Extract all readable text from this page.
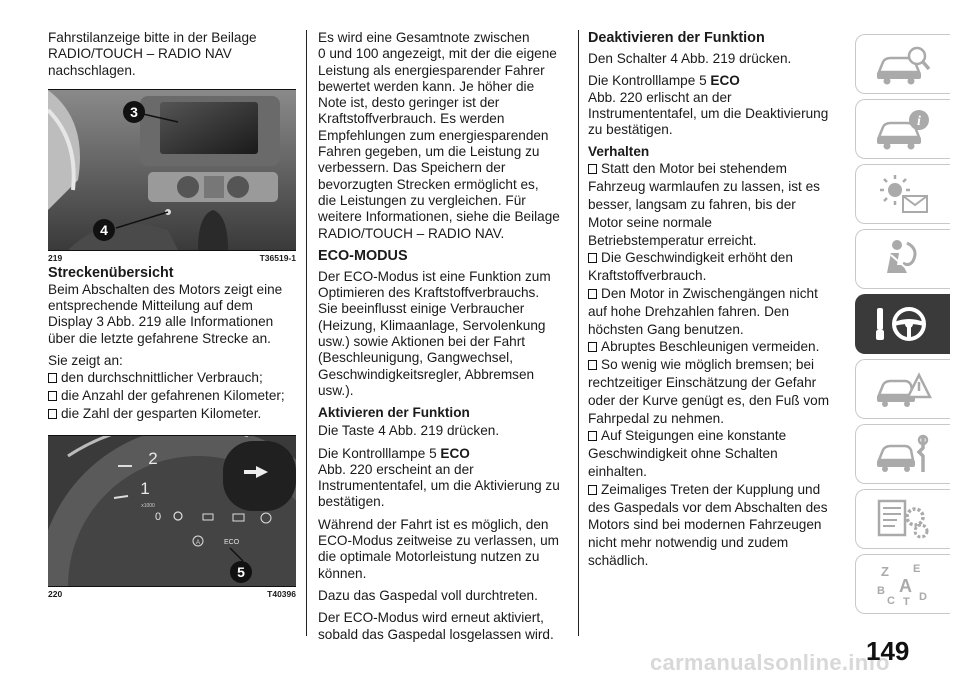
Fahrstilanzeige bitte in der Beilage
RADIO/TOUCH – RADIO NAV
nachschlagen.

3
4
219	T36519-1
Streckenübersicht

Beim Abschalten des Motors zeigt eine
entsprechende Mitteilung auf dem
Display 3 Abb. 219 alle Informationen
über die letzte gefahrene Strecke an.

Sie zeigt an:

den durchschnittlicher Verbrauch;
die Anzahl der gefahrenen Kilometer;
die Zahl der gesparten Kilometer.
2
1
0
x1000
A	ECO
5
220	T40396

Es wird eine Gesamtnote zwischen
0 und 100 angezeigt, mit der die eigene
Leistung als energiesparender Fahrer
bewertet werden kann. Je höher die
Note ist, desto geringer ist der
Kraftstoffverbrauch. Es werden
Empfehlungen zum energiesparenden
Fahren gegeben, um die Leistung zu
verbessern. Das Speichern der
bevorzugten Strecken ermöglicht es,
die Leistungen zu vergleichen. Für
weitere Informationen, siehe die Beilage
RADIO/TOUCH – RADIO NAV.

ECO-MODUS

Der ECO-Modus ist eine Funktion zum
Optimieren des Kraftstoffverbrauchs.
Sie beeinflusst einige Verbraucher
(Heizung, Klimaanlage, Servolenkung
usw.) sowie Aktionen bei der Fahrt
(Beschleunigung, Gangwechsel,
Geschwindigkeitsregler, Abbremsen
usw.).

Aktivieren der Funktion

Die Taste 4 Abb. 219 drücken.

Die Kontrolllampe 5 ECO
Abb. 220 erscheint an der
Instrumententafel, um die Aktivierung zu
bestätigen.

Während der Fahrt ist es möglich, den
ECO-Modus zeitweise zu verlassen, um
die optimale Motorleistung nutzen zu
können.

Dazu das Gaspedal voll durchtreten.

Der ECO-Modus wird erneut aktiviert,
sobald das Gaspedal losgelassen wird.

Deaktivieren der Funktion

Den Schalter 4 Abb. 219 drücken.

Die Kontrolllampe 5 ECO
Abb. 220 erlischt an der
Instrumententafel, um die Deaktivierung
zu bestätigen.

Verhalten
Statt den Motor bei stehendem
Fahrzeug warmlaufen zu lassen, ist es
besser, langsam zu fahren, bis der
Motor seine normale
Betriebstemperatur erreicht.
Die Geschwindigkeit erhöht den
Kraftstoffverbrauch.
Den Motor in Zwischengängen nicht
auf hohe Drehzahlen fahren. Den
höchsten Gang benutzen.
Abruptes Beschleunigen vermeiden.
So wenig wie möglich bremsen; bei
rechtzeitiger Einschätzung der Gefahr
oder der Kurve genügt es, den Fuß vom
Fahrpedal zu nehmen.
Auf Steigungen eine konstante
Geschwindigkeit ohne Schalten
einhalten.
Zeimaliges Treten der Kupplung und
des Gaspedals vor dem Abschalten des
Motors sind bei modernen Fahrzeugen
nicht mehr notwendig und zudem
schädlich.
i
Z E
B A
C T D
carmanualsonline.info
149
